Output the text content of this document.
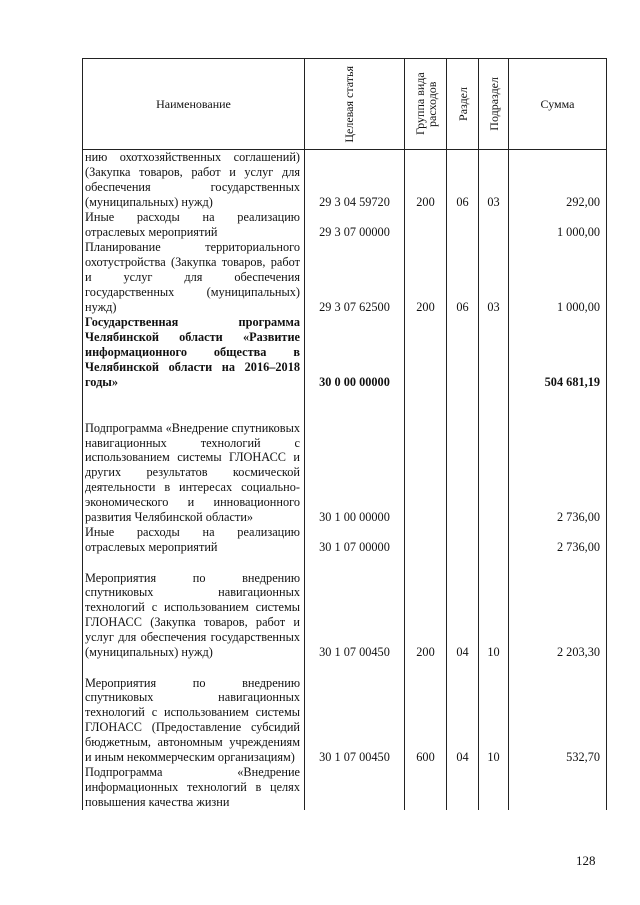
Наименование	Целевая статья	Группа вида расходов	Раздел	Подраздел	Сумма
нию охотхозяйственных соглашений) (Закупка товаров, работ и услуг для обеспечения государственных (муниципальных) нужд)	29 3 04 59720	200	06	03	292,00
Иные расходы на реализацию отраслевых мероприятий	29 3 07 00000				1 000,00
Планирование территориального охотустройства (Закупка товаров, работ и услуг для обеспечения государственных (муниципальных) нужд)	29 3 07 62500	200	06	03	1 000,00
Государственная программа Челябинской области «Развитие информационного общества в Челябинской области на 2016–2018 годы»	30 0 00 00000				504 681,19
Подпрограмма «Внедрение спутниковых навигационных технологий с использованием системы ГЛОНАСС и других результатов космической деятельности в интересах социально-экономического и инновационного развития Челябинской области»	30 1 00 00000				2 736,00
Иные расходы на реализацию отраслевых мероприятий	30 1 07 00000				2 736,00
Мероприятия по внедрению спутниковых навигационных технологий с использованием системы ГЛОНАСС (Закупка товаров, работ и услуг для обеспечения государственных (муниципальных) нужд)	30 1 07 00450	200	04	10	2 203,30
Мероприятия по внедрению спутниковых навигационных технологий с использованием системы ГЛОНАСС (Предоставление субсидий бюджетным, автономным учреждениям и иным некоммерческим организациям)	30 1 07 00450	600	04	10	532,70
Подпрограмма «Внедрение информационных технологий в целях повышения качества жизни					
128
